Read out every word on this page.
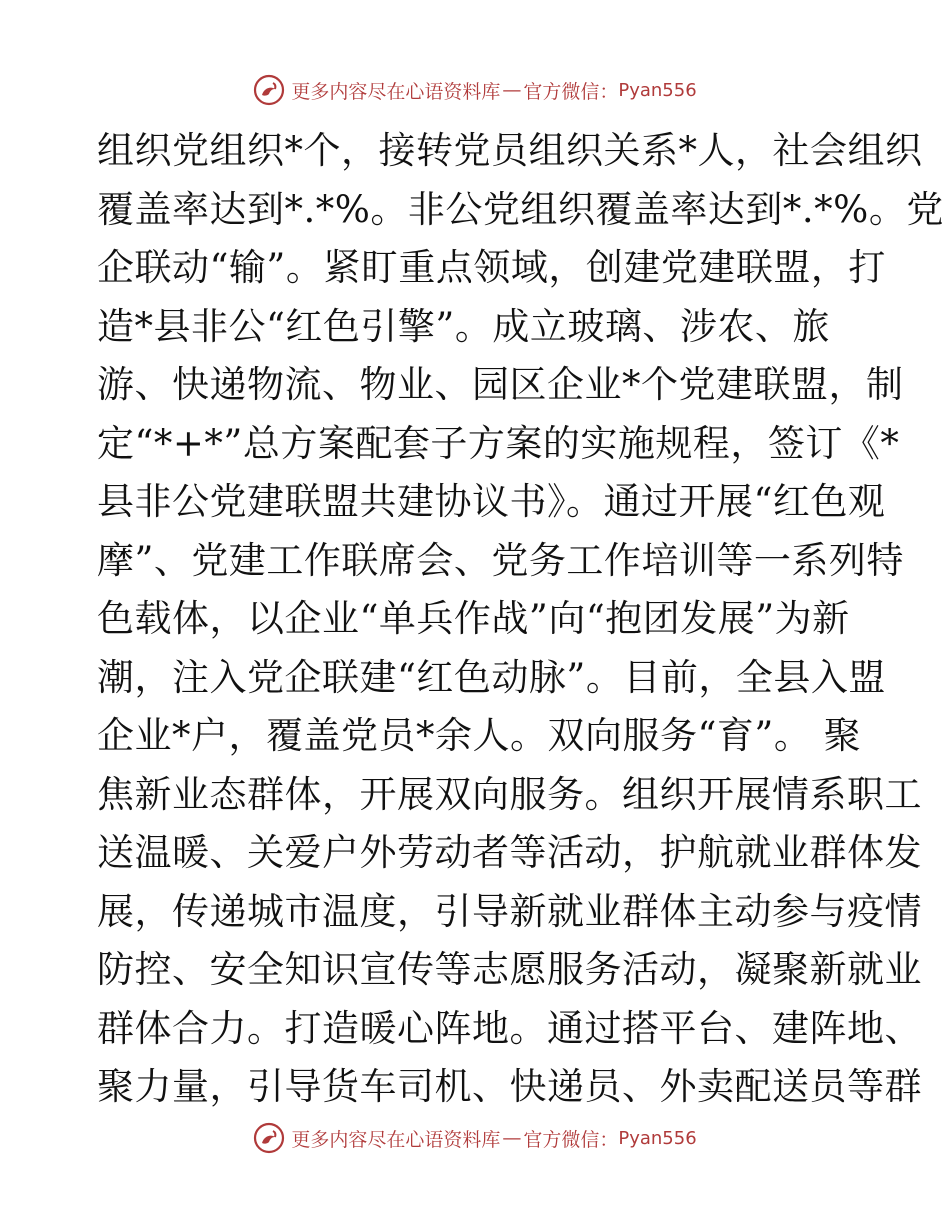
更多内容尽在心语资料库 — 官方微信： Pyan556
组织党组织*个，接转党员组织关系*人，社会组织
覆盖率达到*.*%。非公党组织覆盖率达到*.*%。党
企联动“输”。紧盯重点领域，创建党建联盟，打
造*县非公“红色引擎”。成立玻璃、涉农、旅
游、快递物流、物业、园区企业*个党建联盟，制
定“*+*”总方案配套子方案的实施规程，签订《*
县非公党建联盟共建协议书》。通过开展“红色观
摩”、党建工作联席会、党务工作培训等一系列特
色载体，以企业“单兵作战”向“抱团发展”为新
潮，注入党企联建“红色动脉”。目前，全县入盟
企业*户，覆盖党员*余人。双向服务“育”。 聚
焦新业态群体，开展双向服务。组织开展情系职工
送温暖、关爱户外劳动者等活动，护航就业群体发
展，传递城市温度，引导新就业群体主动参与疫情
防控、安全知识宣传等志愿服务活动，凝聚新就业
群体合力。打造暖心阵地。通过搭平台、建阵地、
聚力量，引导货车司机、快递员、外卖配送员等群
更多内容尽在心语资料库 — 官方微信： Pyan556
